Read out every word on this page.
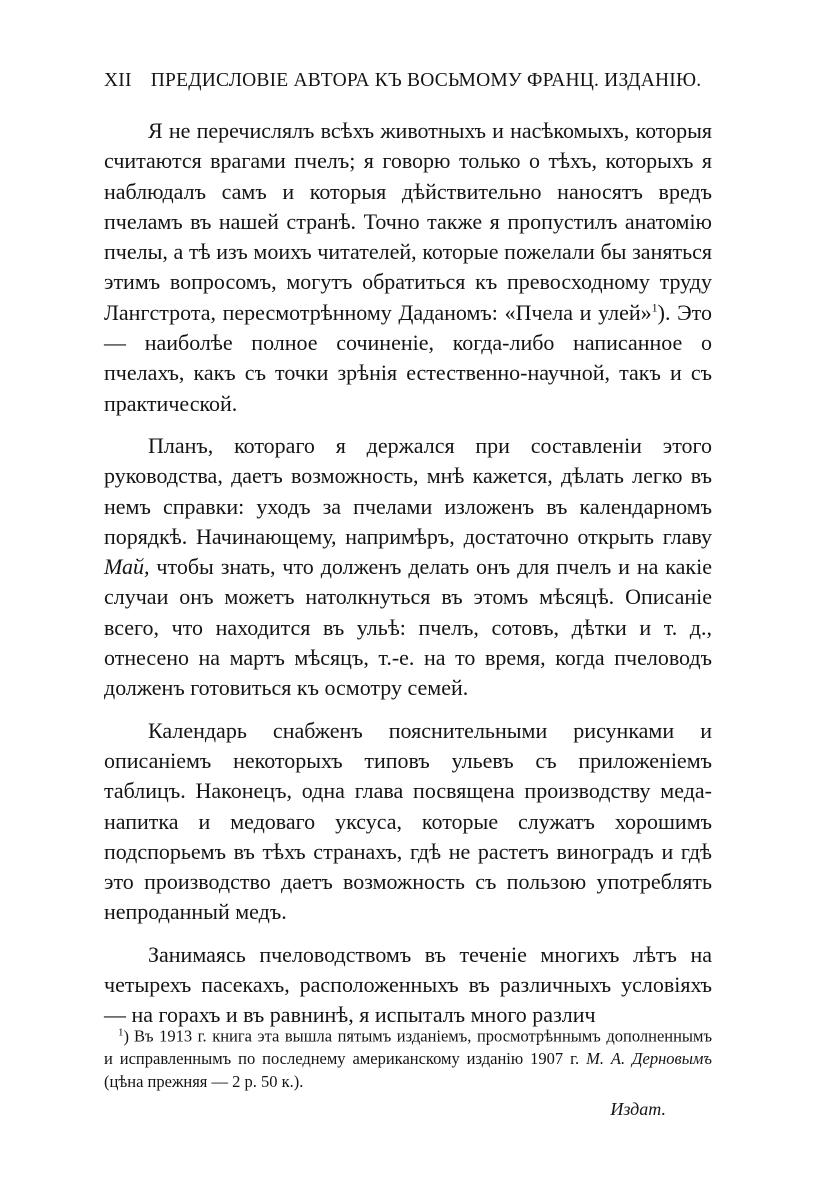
XII ПРЕДИСЛОВІЕ АВТОРА КЪ ВОСЬМОМУ ФРАНЦ. ИЗДАНІЮ.

Я не перечислялъ всѣхъ животныхъ и насѣкомыхъ, которыя считаются врагами пчелъ; я говорю только о тѣхъ, которыхъ я наблюдалъ самъ и которыя дѣйствительно наносятъ вредъ пчеламъ въ нашей странѣ. Точно также я пропустилъ анатомію пчелы, а тѣ изъ моихъ читателей, которые пожелали бы заняться этимъ вопросомъ, могутъ обратиться къ превосходному труду Лангстрота, пересмотрѣнному Даданомъ: «Пчела и улей»$^1$). Это — наиболѣе полное сочиненіе, когда-либо написанное о пчелахъ, какъ съ точки зрѣнія естественно-научной, такъ и съ практической.

Планъ, котораго я держался при составленіи этого руководства, даетъ возможность, мнѣ кажется, дѣлать легко въ немъ справки: уходъ за пчелами изложенъ въ календарномъ порядкѣ. Начинающему, напримѣръ, достаточно открыть главу Май, чтобы знать, что долженъ делать онъ для пчелъ и на какіе случаи онъ можетъ натолкнуться въ этомъ мѣсяцѣ. Описаніе всего, что находится въ ульѣ: пчелъ, сотовъ, дѣтки и т. д., отнесено на мартъ мѣсяцъ, т.-е. на то время, когда пчеловодъ долженъ готовиться къ осмотру семей.

Календарь снабженъ пояснительными рисунками и описаніемъ некоторыхъ типовъ ульевъ съ приложеніемъ таблицъ. Наконецъ, одна глава посвящена производству меда-напитка и медоваго уксуса, которые служатъ хорошимъ подспорьемъ въ тѣхъ странахъ, гдѣ не растетъ виноградъ и гдѣ это производство даетъ возможность съ пользою употреблять непроданный медъ.

Занимаясь пчеловодствомъ въ теченіе многихъ лѣтъ на четырехъ пасекахъ, расположенныхъ въ различныхъ условіяхъ — на горахъ и въ равнинѣ, я испыталъ много различ

$^1$) Въ 1913 г. книга эта вышла пятымъ изданіемъ, просмотрѣннымъ дополненнымъ и исправленнымъ по последнему американскому изданію 1907 г. М. А. Дерновымъ (цѣна прежняя — 2 р. 50 к.).
Издат.
